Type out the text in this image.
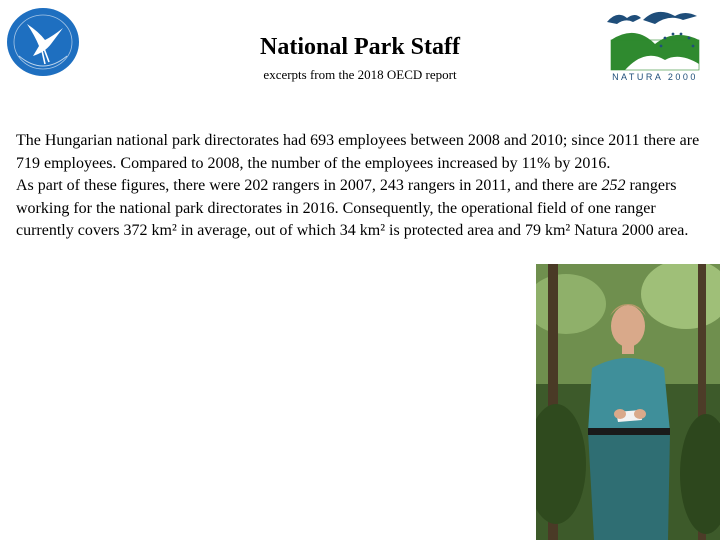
NATURA 2000
National Park Staff
excerpts from the 2018 OECD report

The Hungarian national park directorates had 693 employees between 2008 and 2010; since 2011 there are 719 employees. Compared to 2008, the number of the employees increased by 11% by 2016.

As part of these figures, there were 202 rangers in 2007, 243 rangers in 2011, and there are 252 rangers working for the national park directorates in 2016. Consequently, the operational field of one ranger currently covers 372 km² in average, out of which 34 km² is protected area and 79 km² Natura 2000 area.
